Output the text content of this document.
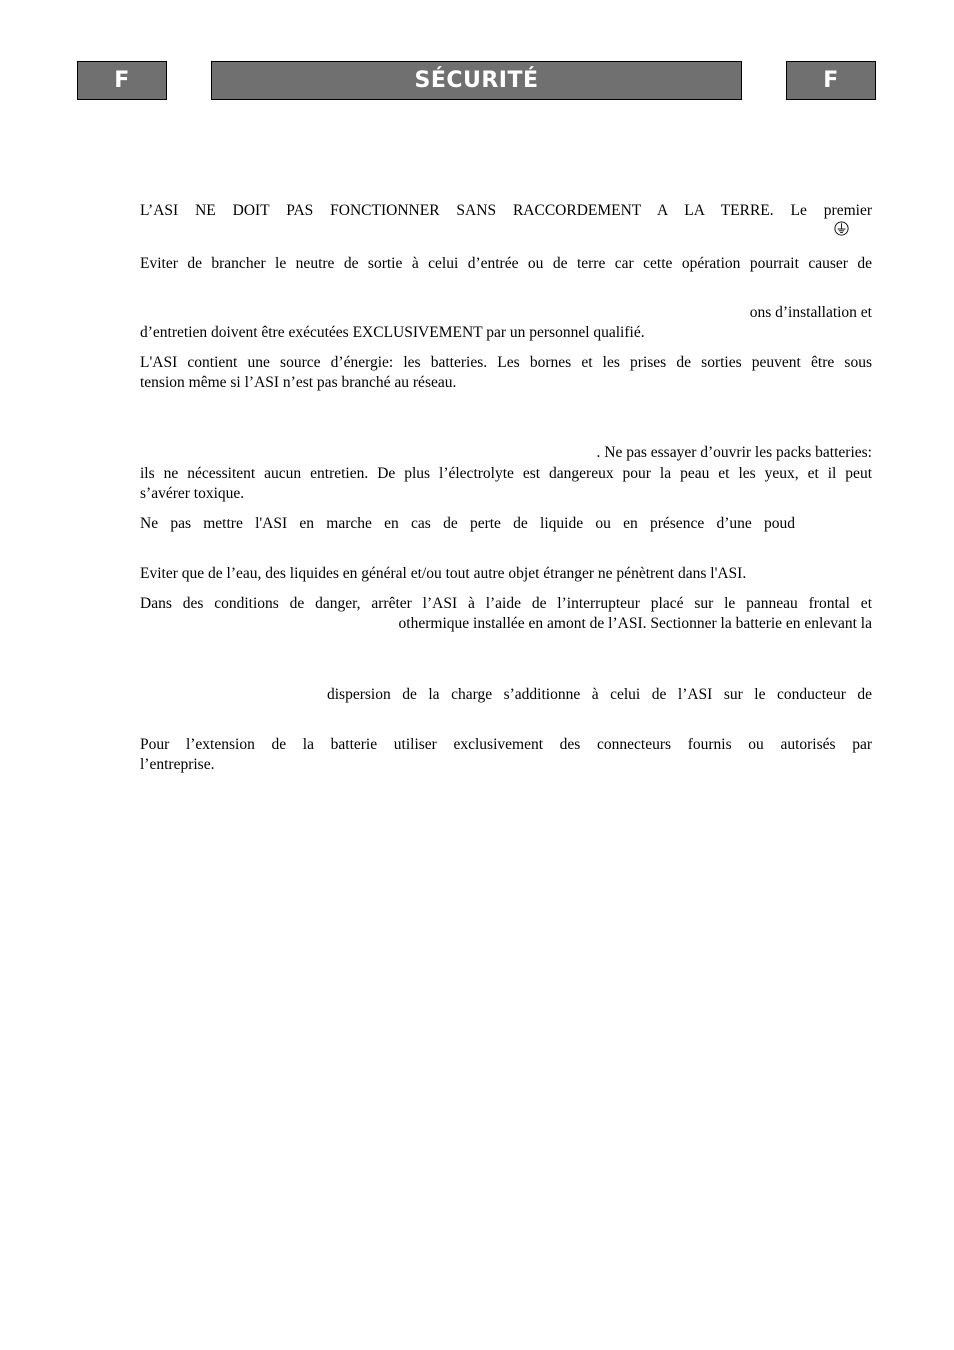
F	SÉCURITÉ	F
L’ASI NE DOIT PAS FONCTIONNER SANS RACCORDEMENT A LA TERRE. Le premier
Eviter de brancher le neutre de sortie à celui d’entrée ou de terre car cette opération pourrait causer de
ons d’installation et
d’entretien doivent être exécutées EXCLUSIVEMENT par un personnel qualifié.
L'ASI contient une source d’énergie: les batteries. Les bornes et les prises de sorties peuvent être sous
tension même si l’ASI n’est pas branché au réseau.
. Ne pas essayer d’ouvrir les packs batteries:
ils ne nécessitent aucun entretien. De plus l’électrolyte est dangereux pour la peau et les yeux, et il peut
s’avérer toxique.
Ne pas mettre l'ASI en marche en cas de perte de liquide ou en présence d’une poud
Eviter que de l’eau, des liquides en général et/ou tout autre objet étranger ne pénètrent dans l'ASI.
Dans des conditions de danger, arrêter l’ASI à l’aide de l’interrupteur placé sur le panneau frontal et
othermique installée en amont de l’ASI. Sectionner la batterie en enlevant la
dispersion de la charge s’additionne à celui de l’ASI sur le conducteur de
Pour l’extension de la batterie utiliser exclusivement des connecteurs fournis ou autorisés par
l’entreprise.
